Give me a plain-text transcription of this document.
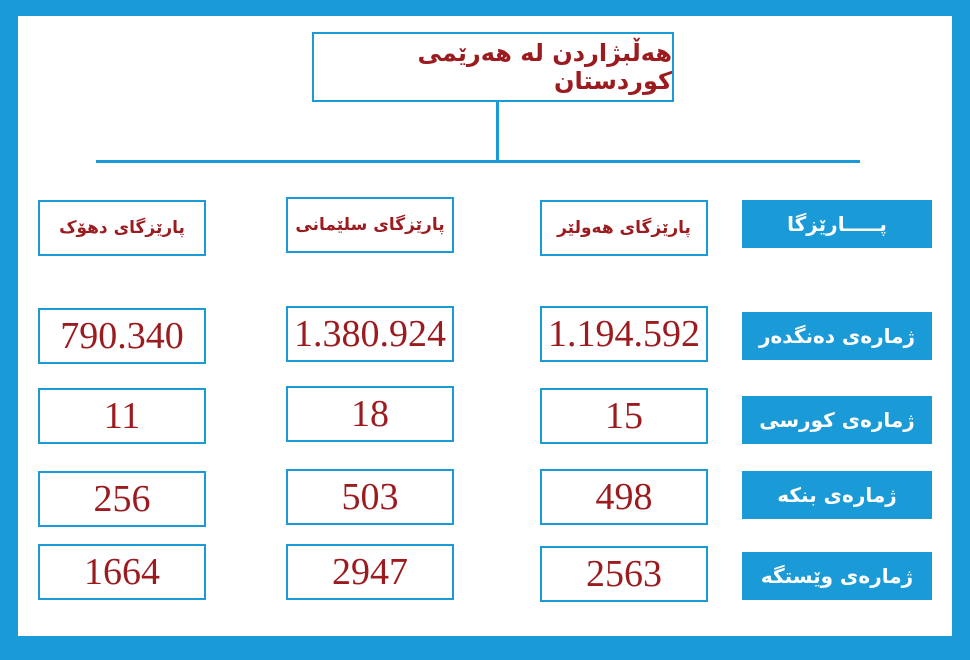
هەڵبژاردن لە هەرێمی کوردستان
پـــــارێزگا
ژمارەی دەنگدەر
ژمارەی کورسی
ژمارەی بنکە
ژمارەی وێستگە
پارێزگای هەولێر
پارێزگای سلێمانی
پارێزگای دهۆک
1.194.592
1.380.924
790.340
15
18
11
498
503
256
2563
2947
1664
